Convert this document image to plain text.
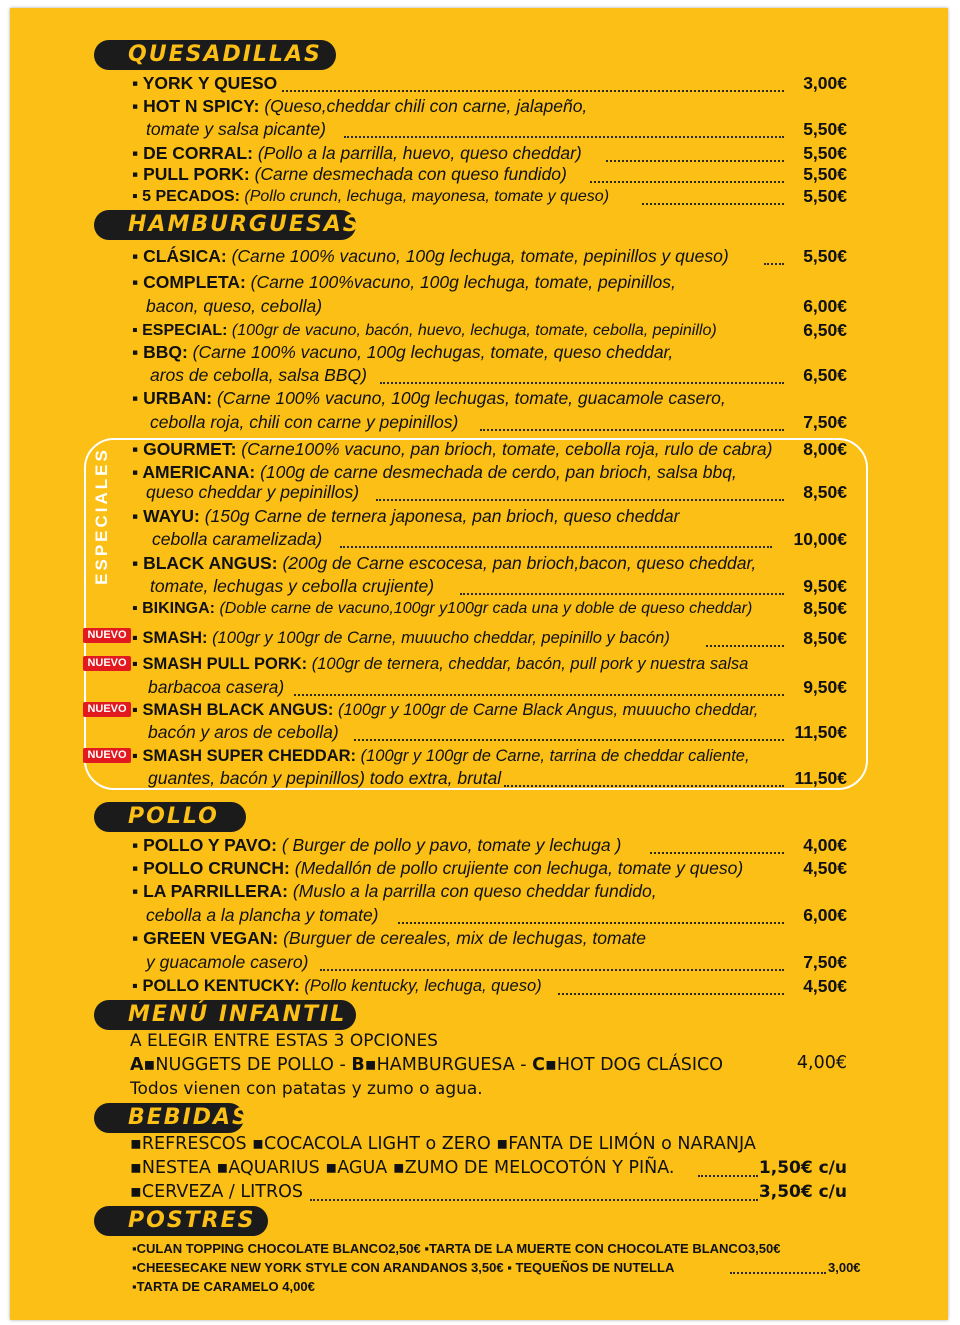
QUESADILLAS
▪ YORK Y QUESO	3,00€
▪ HOT N SPICY: (Queso,cheddar chili con carne, jalapeño,
tomate y salsa picante)	5,50€
▪ DE CORRAL: (Pollo a la parrilla, huevo, queso cheddar)	5,50€
▪ PULL PORK: (Carne desmechada con queso fundido)	5,50€
▪ 5 PECADOS: (Pollo crunch, lechuga, mayonesa, tomate y queso)	5,50€
HAMBURGUESAS
▪ CLÁSICA: (Carne 100% vacuno, 100g lechuga, tomate, pepinillos y queso)	5,50€
▪ COMPLETA: (Carne 100%vacuno, 100g lechuga, tomate, pepinillos,
bacon, queso, cebolla)	6,00€
▪ ESPECIAL: (100gr de vacuno, bacón, huevo, lechuga, tomate, cebolla, pepinillo)	6,50€
▪ BBQ: (Carne 100% vacuno, 100g lechugas, tomate, queso cheddar,
aros de cebolla, salsa BBQ)	6,50€
▪ URBAN: (Carne 100% vacuno, 100g lechugas, tomate, guacamole casero,
cebolla roja, chili con carne y pepinillos)	7,50€
ESPECIALES ▪ GOURMET: (Carne100% vacuno, pan brioch, tomate, cebolla roja, rulo de cabra)	8,00€
▪ AMERICANA: (100g de carne desmechada de cerdo, pan brioch, salsa bbq,
queso cheddar y pepinillos)	8,50€
▪ WAYU: (150g Carne de ternera japonesa, pan brioch, queso cheddar
cebolla caramelizada)	10,00€
▪ BLACK ANGUS: (200g de Carne escocesa, pan brioch,bacon, queso cheddar,
tomate, lechugas y cebolla crujiente)	9,50€
▪ BIKINGA: (Doble carne de vacuno,100gr y100gr cada una y doble de queso cheddar)	8,50€
NUEVO ▪ SMASH: (100gr y 100gr de Carne, muuucho cheddar, pepinillo y bacón)	8,50€
NUEVO ▪ SMASH PULL PORK: (100gr de ternera, cheddar, bacón, pull pork y nuestra salsa
barbacoa casera)	9,50€
NUEVO ▪ SMASH BLACK ANGUS: (100gr y 100gr de Carne Black Angus, muuucho cheddar,
bacón y aros de cebolla)	11,50€
NUEVO ▪ SMASH SUPER CHEDDAR: (100gr y 100gr de Carne, tarrina de cheddar caliente,
guantes, bacón y pepinillos) todo extra, brutal	11,50€
POLLO
▪ POLLO Y PAVO: ( Burger de pollo y pavo, tomate y lechuga )	4,00€
▪ POLLO CRUNCH: (Medallón de pollo crujiente con lechuga, tomate y queso)	4,50€
▪ LA PARRILLERA: (Muslo a la parrilla con queso cheddar fundido,
cebolla a la plancha y tomate)	6,00€
▪ GREEN VEGAN: (Burguer de cereales, mix de lechugas, tomate
y guacamole casero)	7,50€
▪ POLLO KENTUCKY: (Pollo kentucky, lechuga, queso)	4,50€
MENÚ INFANTIL
A ELEGIR ENTRE ESTAS 3 OPCIONES
A▪NUGGETS DE POLLO - B▪HAMBURGUESA - C▪HOT DOG CLÁSICO	4,00€
Todos vienen con patatas y zumo o agua.
BEBIDAS
▪REFRESCOS ▪COCACOLA LIGHT o ZERO ▪FANTA DE LIMÓN o NARANJA
▪NESTEA ▪AQUARIUS ▪AGUA ▪ZUMO DE MELOCOTÓN Y PIÑA.	1,50€ c/u
▪CERVEZA / LITROS	3,50€ c/u
POSTRES
▪CULAN TOPPING CHOCOLATE BLANCO2,50€ ▪TARTA DE LA MUERTE CON CHOCOLATE BLANCO3,50€
▪CHEESECAKE NEW YORK STYLE CON ARANDANOS 3,50€ ▪ TEQUEÑOS DE NUTELLA	3,00€
▪TARTA DE CARAMELO 4,00€
